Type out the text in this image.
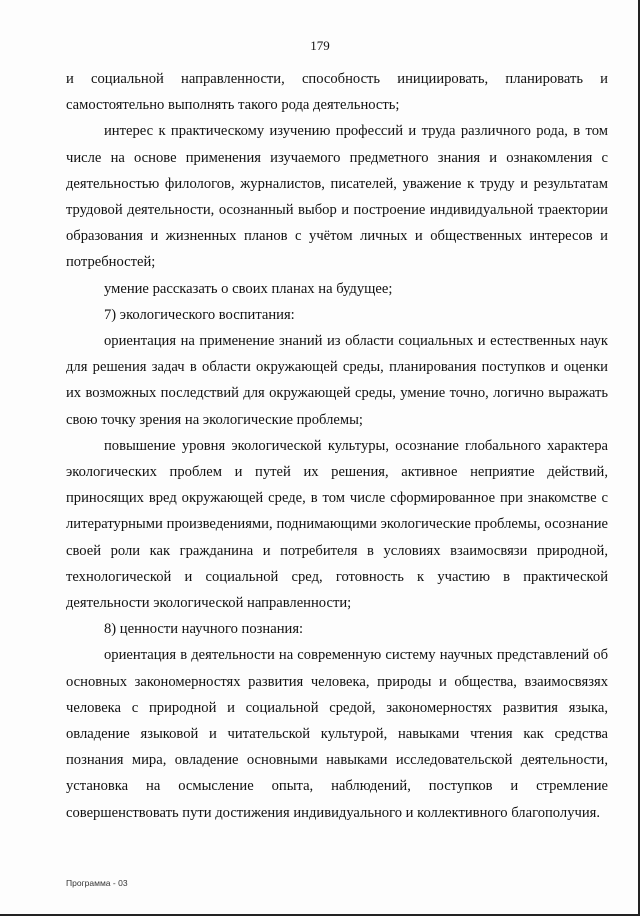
179

и социальной направленности, способность инициировать, планировать и самостоятельно выполнять такого рода деятельность;

интерес к практическому изучению профессий и труда различного рода, в том числе на основе применения изучаемого предметного знания и ознакомления с деятельностью филологов, журналистов, писателей, уважение к труду и результатам трудовой деятельности, осознанный выбор и построение индивидуальной траектории образования и жизненных планов с учётом личных и общественных интересов и потребностей;

умение рассказать о своих планах на будущее;

7) экологического воспитания:

ориентация на применение знаний из области социальных и естественных наук для решения задач в области окружающей среды, планирования поступков и оценки их возможных последствий для окружающей среды, умение точно, логично выражать свою точку зрения на экологические проблемы;

повышение уровня экологической культуры, осознание глобального характера экологических проблем и путей их решения, активное неприятие действий, приносящих вред окружающей среде, в том числе сформированное при знакомстве с литературными произведениями, поднимающими экологические проблемы, осознание своей роли как гражданина и потребителя в условиях взаимосвязи природной, технологической и социальной сред, готовность к участию в практической деятельности экологической направленности;

8) ценности научного познания:

ориентация в деятельности на современную систему научных представлений об основных закономерностях развития человека, природы и общества, взаимосвязях человека с природной и социальной средой, закономерностях развития языка, овладение языковой и читательской культурой, навыками чтения как средства познания мира, овладение основными навыками исследовательской деятельности, установка на осмысление опыта, наблюдений, поступков и стремление совершенствовать пути достижения индивидуального и коллективного благополучия.

Программа - 03
